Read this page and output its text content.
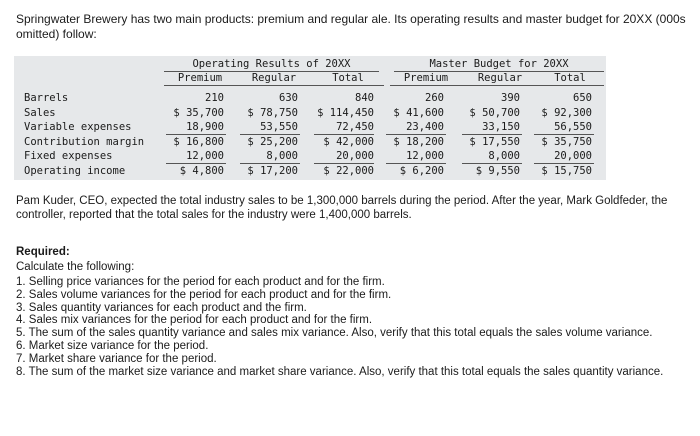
Springwater Brewery has two main products: premium and regular ale. Its operating results and master budget for 20XX (000s omitted) follow:
Operating Results of 20XX	Master Budget for 20XX
Premium	Regular	Total	Premium	Regular	Total
Barrels	210	630	840	260	390	650
Sales	$ 35,700	$ 78,750	$ 114,450	$ 41,600	$ 50,700	$ 92,300
Variable expenses	18,900	53,550	72,450	23,400	33,150	56,550
Contribution margin	$ 16,800	$ 25,200	$ 42,000	$ 18,200	$ 17,550	$ 35,750
Fixed expenses	12,000	8,000	20,000	12,000	8,000	20,000
Operating income	$ 4,800	$ 17,200	$ 22,000	$ 6,200	$ 9,550	$ 15,750
Pam Kuder, CEO, expected the total industry sales to be 1,300,000 barrels during the period. After the year, Mark Goldfeder, the controller, reported that the total sales for the industry were 1,400,000 barrels.
Required:
Calculate the following:
1. Selling price variances for the period for each product and for the firm.
2. Sales volume variances for the period for each product and for the firm.
3. Sales quantity variances for each product and the firm.
4. Sales mix variances for the period for each product and for the firm.
5. The sum of the sales quantity variance and sales mix variance. Also, verify that this total equals the sales volume variance.
6. Market size variance for the period.
7. Market share variance for the period.
8. The sum of the market size variance and market share variance. Also, verify that this total equals the sales quantity variance.
